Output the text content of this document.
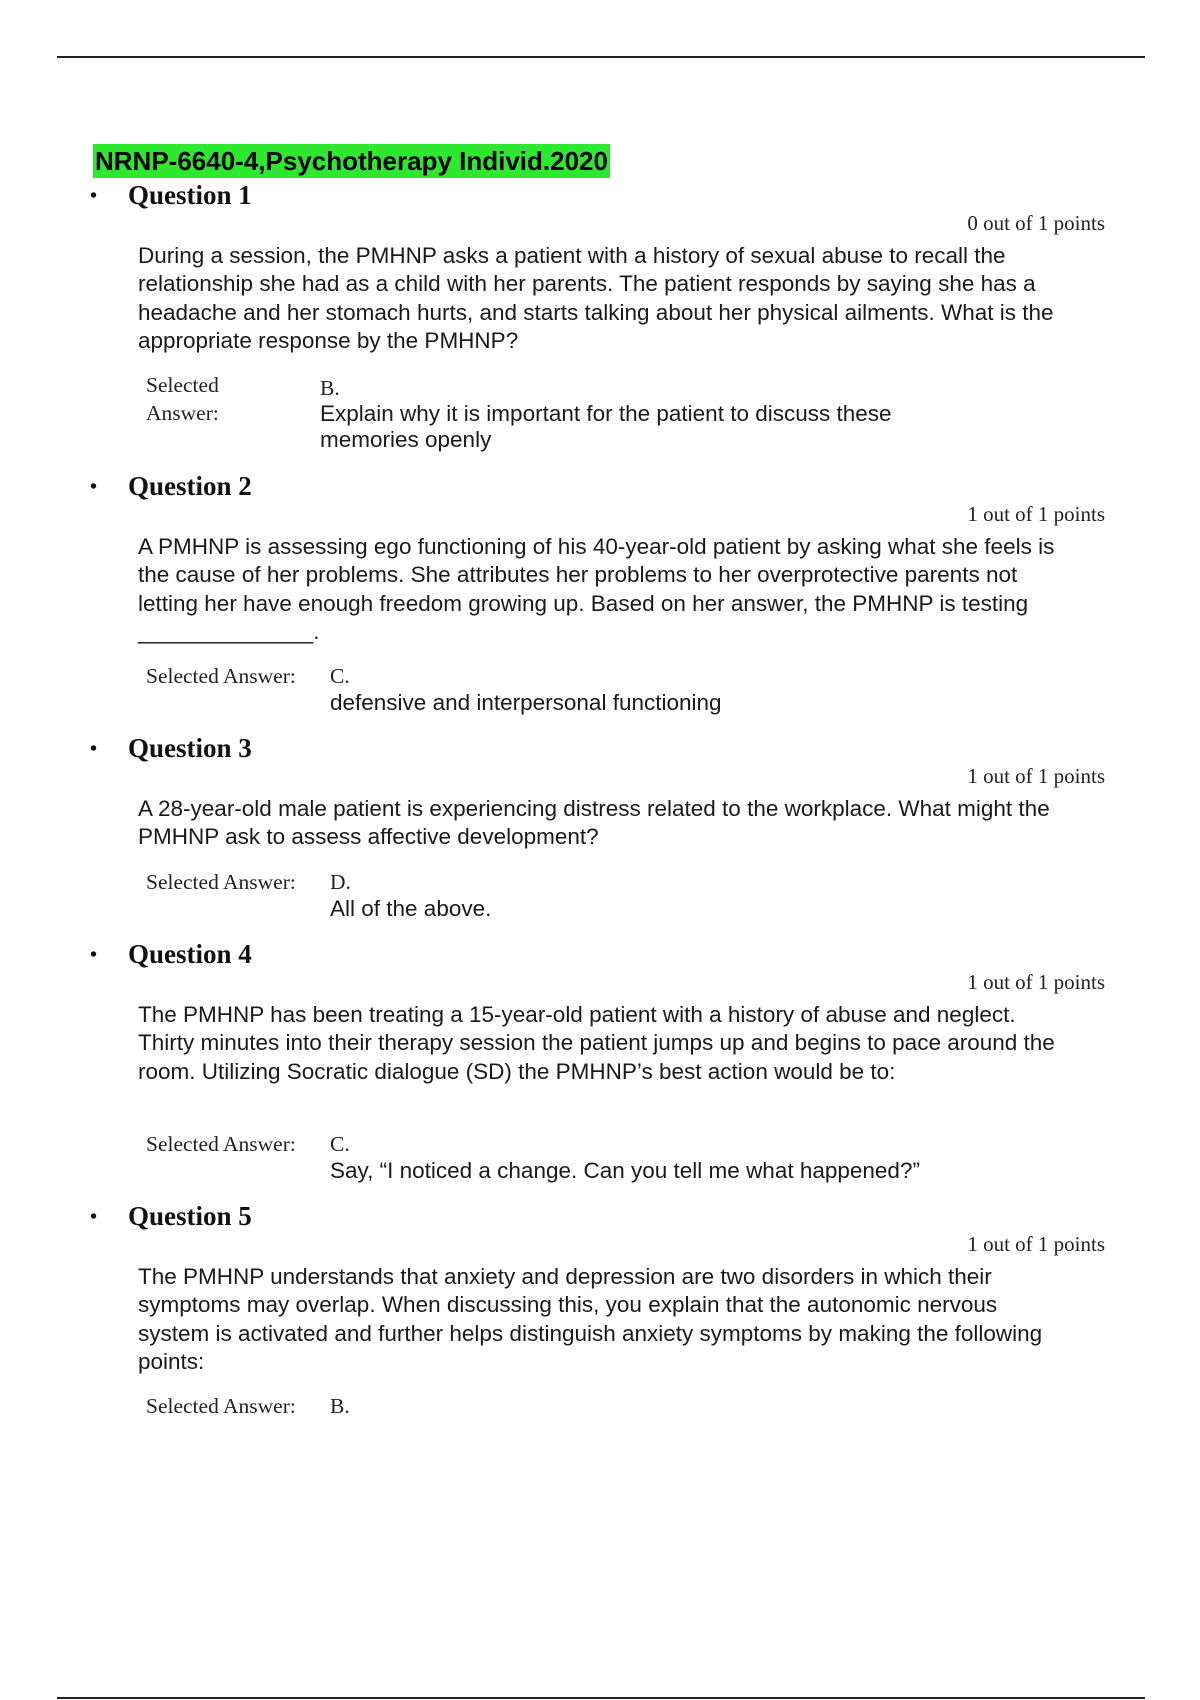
NRNP-6640-4,Psychotherapy Individ.2020
• Question 1
0 out of 1 points

During a session, the PMHNP asks a patient with a history of sexual abuse to recall the relationship she had as a child with her parents. The patient responds by saying she has a headache and her stomach hurts, and starts talking about her physical ailments. What is the appropriate response by the PMHNP?

Selected
Answer:
B.
Explain why it is important for the patient to discuss these memories openly
• Question 2
1 out of 1 points

A PMHNP is assessing ego functioning of his 40-year-old patient by asking what she feels is the cause of her problems. She attributes her problems to her overprotective parents not letting her have enough freedom growing up. Based on her answer, the PMHNP is testing ______________.

Selected Answer: C.
defensive and interpersonal functioning
• Question 3
1 out of 1 points

A 28-year-old male patient is experiencing distress related to the workplace. What might the PMHNP ask to assess affective development?

Selected Answer: D.
All of the above.
• Question 4
1 out of 1 points

The PMHNP has been treating a 15-year-old patient with a history of abuse and neglect. Thirty minutes into their therapy session the patient jumps up and begins to pace around the room. Utilizing Socratic dialogue (SD) the PMHNP’s best action would be to:

Selected Answer: C.
Say, “I noticed a change. Can you tell me what happened?”
• Question 5
1 out of 1 points

The PMHNP understands that anxiety and depression are two disorders in which their symptoms may overlap. When discussing this, you explain that the autonomic nervous system is activated and further helps distinguish anxiety symptoms by making the following points:

Selected Answer: B.
